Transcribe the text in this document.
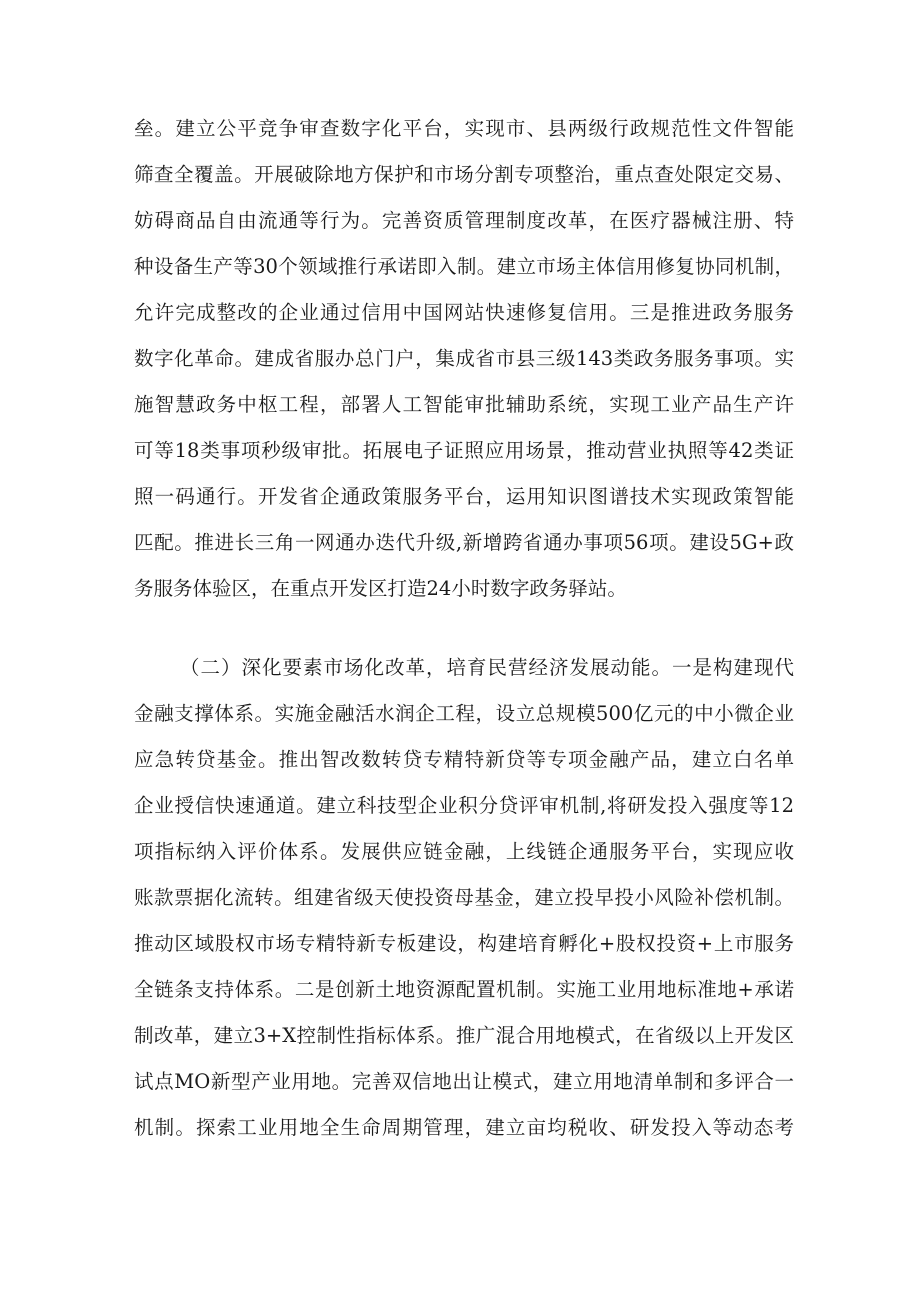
垒。建立公平竞争审查数字化平台，实现市、县两级行政规范性文件智能
筛查全覆盖。开展破除地方保护和市场分割专项整治，重点查处限定交易、
妨碍商品自由流通等行为。完善资质管理制度改革，在医疗器械注册、特
种设备生产等30个领域推行承诺即入制。建立市场主体信用修复协同机制，
允许完成整改的企业通过信用中国网站快速修复信用。三是推进政务服务
数字化革命。建成省服办总门户，集成省市县三级143类政务服务事项。实
施智慧政务中枢工程，部署人工智能审批辅助系统，实现工业产品生产许
可等18类事项秒级审批。拓展电子证照应用场景，推动营业执照等42类证
照一码通行。开发省企通政策服务平台，运用知识图谱技术实现政策智能
匹配。推进长三角一网通办迭代升级,新增跨省通办事项56项。建设5G+政
务服务体验区，在重点开发区打造24小时数字政务驿站。
（二）深化要素市场化改革，培育民营经济发展动能。一是构建现代
金融支撑体系。实施金融活水润企工程，设立总规模500亿元的中小微企业
应急转贷基金。推出智改数转贷专精特新贷等专项金融产品，建立白名单
企业授信快速通道。建立科技型企业积分贷评审机制,将研发投入强度等12
项指标纳入评价体系。发展供应链金融，上线链企通服务平台，实现应收
账款票据化流转。组建省级天使投资母基金，建立投早投小风险补偿机制。
推动区域股权市场专精特新专板建设，构建培育孵化+股权投资+上市服务
全链条支持体系。二是创新土地资源配置机制。实施工业用地标准地+承诺
制改革，建立3+X控制性指标体系。推广混合用地模式，在省级以上开发区
试点MO新型产业用地。完善双信地出让模式，建立用地清单制和多评合一
机制。探索工业用地全生命周期管理，建立亩均税收、研发投入等动态考
